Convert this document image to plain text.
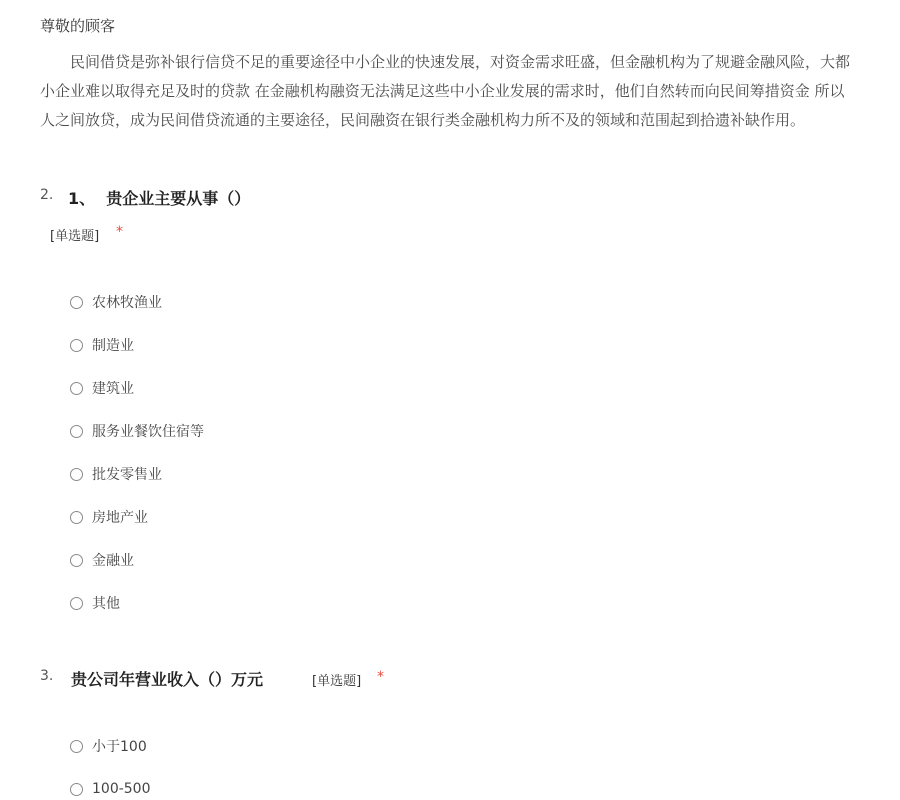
尊敬的顾客

民间借贷是弥补银行信贷不足的重要途径中小企业的快速发展，对资金需求旺盛，但金融机构为了规避金融风险，大都

小企业难以取得充足及时的贷款 在金融机构融资无法满足这些中小企业发展的需求时，他们自然转而向民间筹措资金 所以

人之间放贷，成为民间借贷流通的主要途径，民间融资在银行类金融机构力所不及的领域和范围起到拾遗补缺作用。

2. 1、 贵企业主要从事（）
[单选题] *
农林牧渔业
制造业
建筑业
服务业餐饮住宿等
批发零售业
房地产业
金融业
其他
3. 贵公司年营业收入（）万元	[单选题] *
小于100
100-500
